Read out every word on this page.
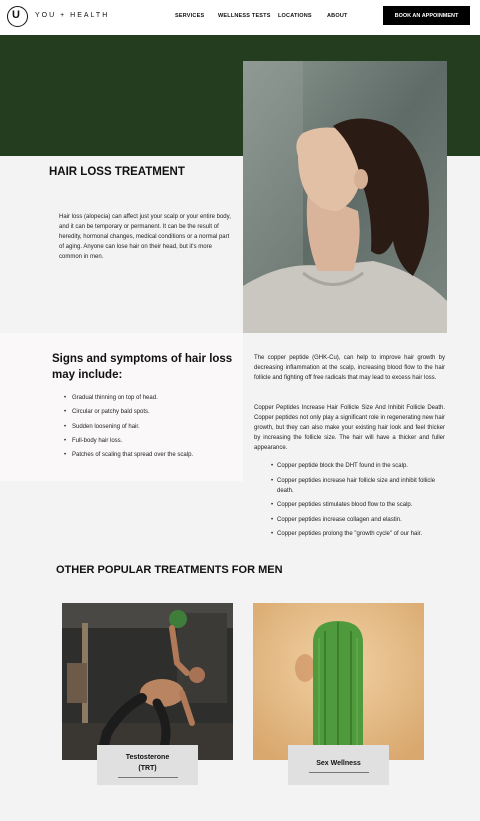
U YOU + HEALTH	SERVICES WELLNESS TESTS LOCATIONS	ABOUT	BOOK AN APPOINMENT
HAIR LOSS TREATMENT

Hair loss (alopecia) can affect just your scalp or your entire body, and it can be temporary or permanent. It can be the result of heredity, hormonal changes, medical conditions or a normal part of aging. Anyone can lose hair on their head, but it's more common in men.

Signs and symptoms of hair loss may include:
• Gradual thinning on top of head.
• Circular or patchy bald spots.
• Sudden loosening of hair.
• Full-body hair loss.
• Patches of scaling that spread over the scalp.

The copper peptide (GHK-Cu), can help to improve hair growth by decreasing inflammation at the scalp, increasing blood flow to the hair follicle and fighting off free radicals that may lead to excess hair loss.

Copper Peptides Increase Hair Follicle Size And Inhibit Follicle Death. Copper peptides not only play a significant role in regenerating new hair growth, but they can also make your existing hair look and feel thicker by increasing the follicle size. The hair will have a thicker and fuller appearance.

• Copper peptide block the DHT found in the scalp.
• Copper peptides increase hair follicle size and inhibit follicle death.
• Copper peptides stimulates blood flow to the scalp.
• Copper peptides increase collagen and elastin.
• Copper peptides prolong the "growth cycle" of our hair.
OTHER POPULAR TREATMENTS FOR MEN
Testosterone
(TRT)
Sex Wellness
